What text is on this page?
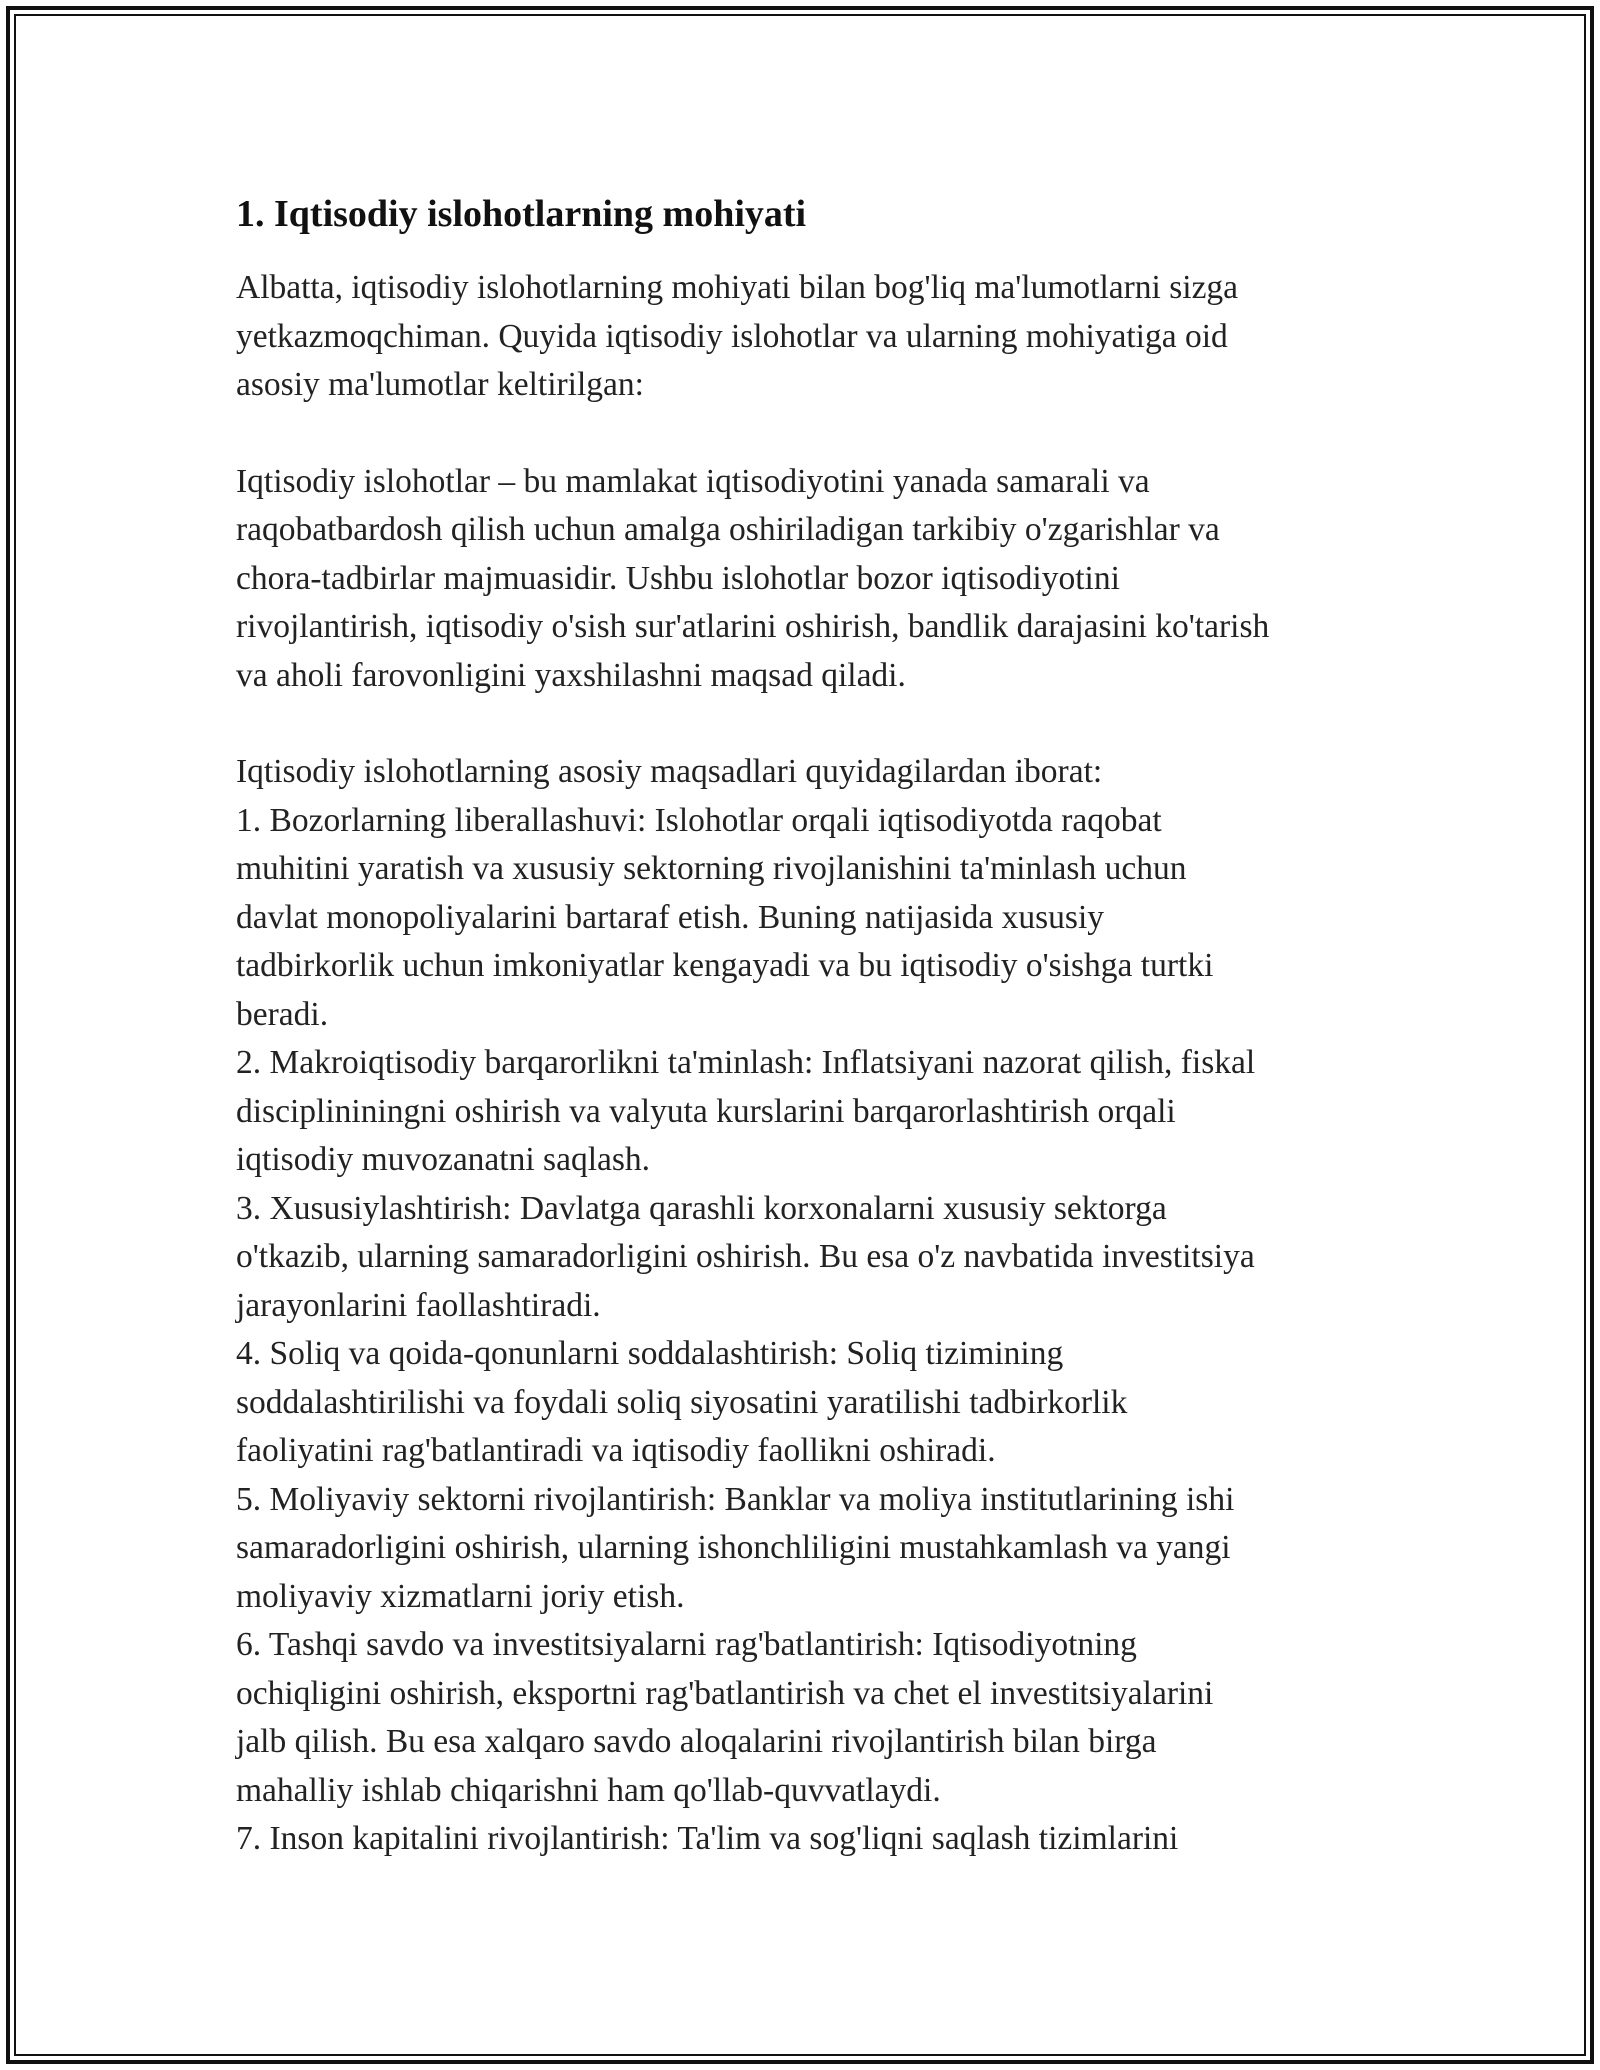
1. Iqtisodiy islohotlarning mohiyati
Albatta, iqtisodiy islohotlarning mohiyati bilan bog'liq ma'lumotlarni sizga
yetkazmoqchiman. Quyida iqtisodiy islohotlar va ularning mohiyatiga oid
asosiy ma'lumotlar keltirilgan:
Iqtisodiy islohotlar – bu mamlakat iqtisodiyotini yanada samarali va
raqobatbardosh qilish uchun amalga oshiriladigan tarkibiy o'zgarishlar va
chora-tadbirlar majmuasidir. Ushbu islohotlar bozor iqtisodiyotini
rivojlantirish, iqtisodiy o'sish sur'atlarini oshirish, bandlik darajasini ko'tarish
va aholi farovonligini yaxshilashni maqsad qiladi.
Iqtisodiy islohotlarning asosiy maqsadlari quyidagilardan iborat:
1. Bozorlarning liberallashuvi: Islohotlar orqali iqtisodiyotda raqobat
muhitini yaratish va xususiy sektorning rivojlanishini ta'minlash uchun
davlat monopoliyalarini bartaraf etish. Buning natijasida xususiy
tadbirkorlik uchun imkoniyatlar kengayadi va bu iqtisodiy o'sishga turtki
beradi.
2. Makroiqtisodiy barqarorlikni ta'minlash: Inflatsiyani nazorat qilish, fiskal
disciplininingni oshirish va valyuta kurslarini barqarorlashtirish orqali
iqtisodiy muvozanatni saqlash.
3. Xususiylashtirish: Davlatga qarashli korxonalarni xususiy sektorga
o'tkazib, ularning samaradorligini oshirish. Bu esa o'z navbatida investitsiya
jarayonlarini faollashtiradi.
4. Soliq va qoida-qonunlarni soddalashtirish: Soliq tizimining
soddalashtirilishi va foydali soliq siyosatini yaratilishi tadbirkorlik
faoliyatini rag'batlantiradi va iqtisodiy faollikni oshiradi.
5. Moliyaviy sektorni rivojlantirish: Banklar va moliya institutlarining ishi
samaradorligini oshirish, ularning ishonchliligini mustahkamlash va yangi
moliyaviy xizmatlarni joriy etish.
6. Tashqi savdo va investitsiyalarni rag'batlantirish: Iqtisodiyotning
ochiqligini oshirish, eksportni rag'batlantirish va chet el investitsiyalarini
jalb qilish. Bu esa xalqaro savdo aloqalarini rivojlantirish bilan birga
mahalliy ishlab chiqarishni ham qo'llab-quvvatlaydi.
7. Inson kapitalini rivojlantirish: Ta'lim va sog'liqni saqlash tizimlarini
